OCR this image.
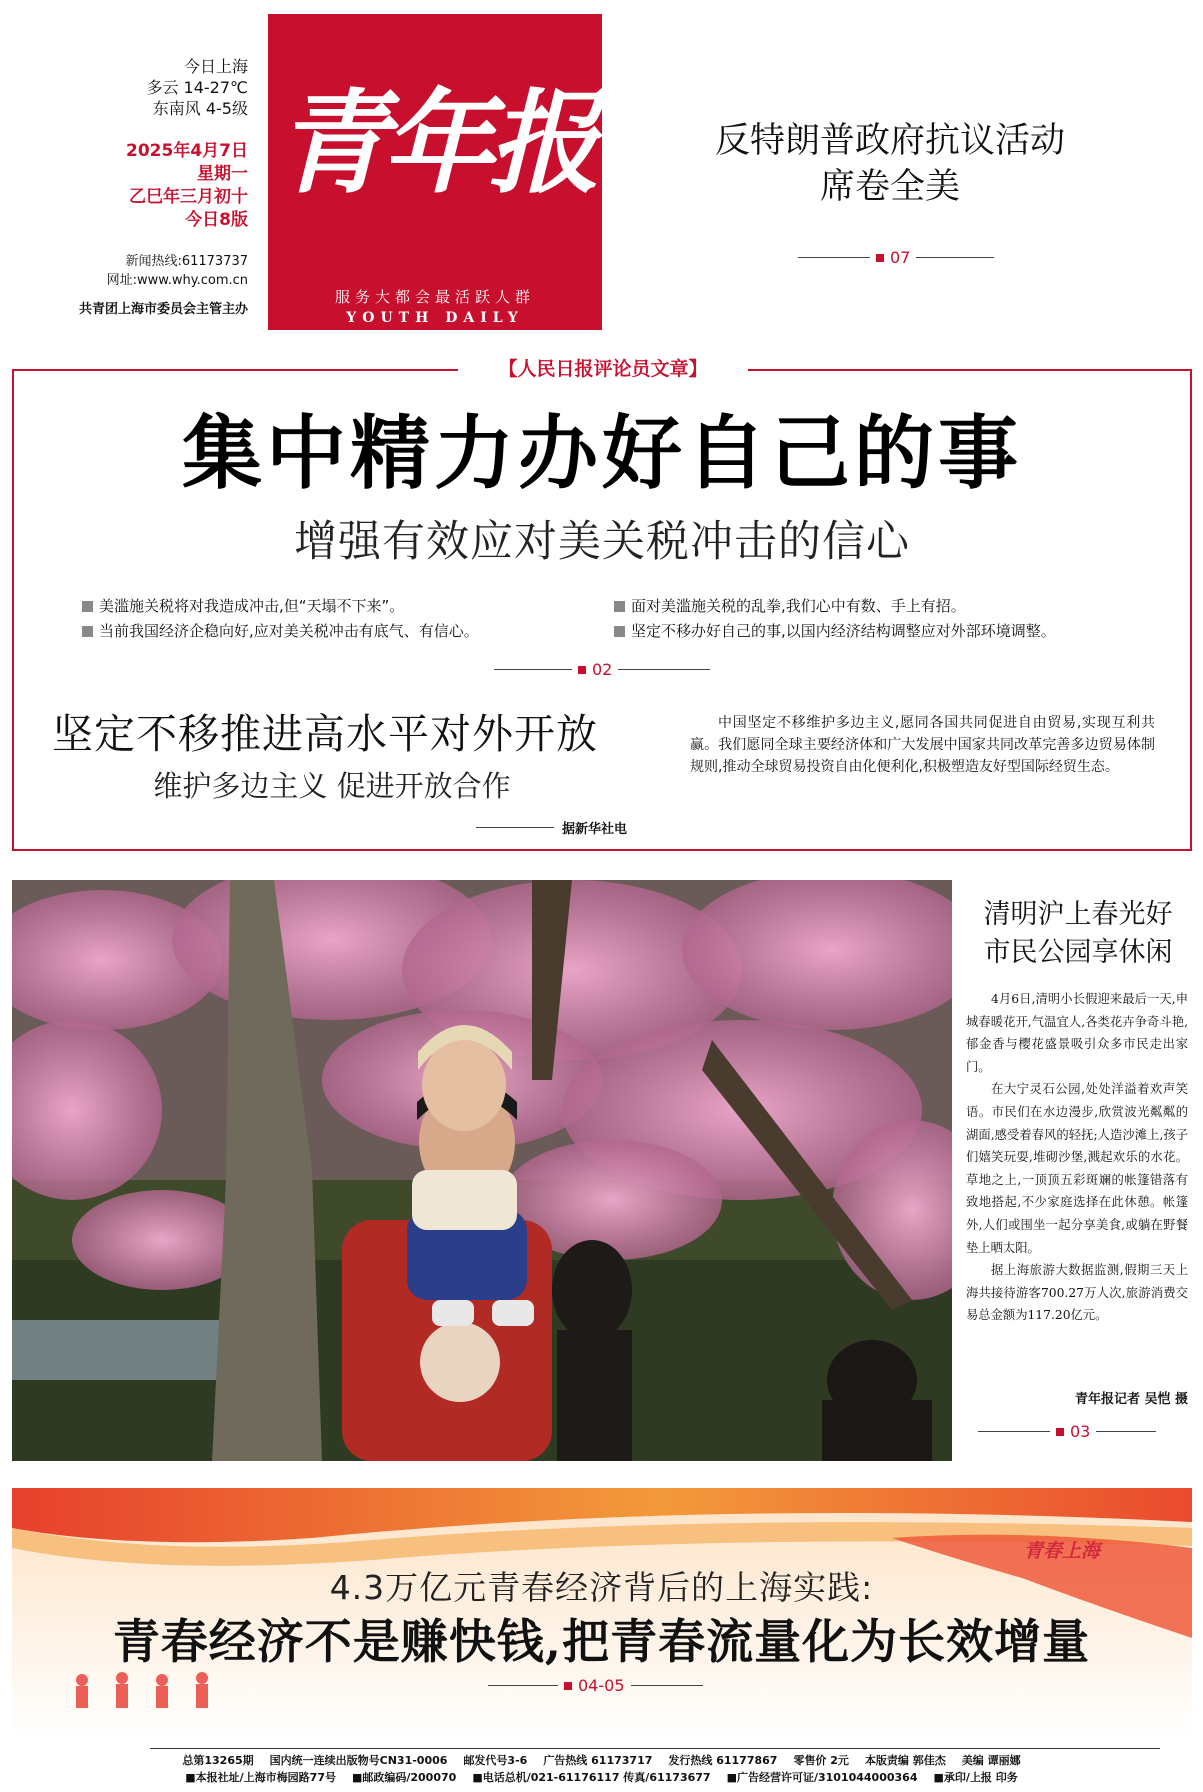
今日上海
多云 14-27℃
东南风 4-5级
2025年4月7日
星期一
乙巳年三月初十
今日8版
新闻热线:61173737
网址:www.why.com.cn
共青团上海市委员会主管主办
青年报
服务大都会最活跃人群
YOUTH DAILY
反特朗普政府抗议活动
席卷全美
07
【人民日报评论员文章】
集中精力办好自己的事
增强有效应对美关税冲击的信心
美滥施关税将对我造成冲击,但“天塌不下来”。
当前我国经济企稳向好,应对美关税冲击有底气、有信心。
面对美滥施关税的乱拳,我们心中有数、手上有招。
坚定不移办好自己的事,以国内经济结构调整应对外部环境调整。
02
坚定不移推进高水平对外开放
维护多边主义 促进开放合作
中国坚定不移维护多边主义,愿同各国共同促进自由贸易,实现互利共赢。我们愿同全球主要经济体和广大发展中国家共同改革完善多边贸易体制规则,推动全球贸易投资自由化便利化,积极塑造友好型国际经贸生态。
据新华社电
清明沪上春光好
市民公园享休闲

4月6日,清明小长假迎来最后一天,申城春暖花开,气温宜人,各类花卉争奇斗艳,郁金香与樱花盛景吸引众多市民走出家门。

在大宁灵石公园,处处洋溢着欢声笑语。市民们在水边漫步,欣赏波光粼粼的湖面,感受着春风的轻抚;人造沙滩上,孩子们嬉笑玩耍,堆砌沙堡,溅起欢乐的水花。草地之上,一顶顶五彩斑斓的帐篷错落有致地搭起,不少家庭选择在此休憩。帐篷外,人们或围坐一起分享美食,或躺在野餐垫上晒太阳。

据上海旅游大数据监测,假期三天上海共接待游客700.27万人次,旅游消费交易总金额为117.20亿元。

青年报记者 吴恺 摄
03
青春上海
4.3万亿元青春经济背后的上海实践:
青春经济不是赚快钱,把青春流量化为长效增量
04-05
总第13265期 国内统一连续出版物号CN31-0006 邮发代号3-6 广告热线 61173717 发行热线 61177867 零售价 2元 本版责编 郭佳杰 美编 谭丽娜
■本报社址/上海市梅园路77号 ■邮政编码/200070 ■电话总机/021-61176117 传真/61173677 ■广告经营许可证/3101044000364 ■承印/上报 印务
